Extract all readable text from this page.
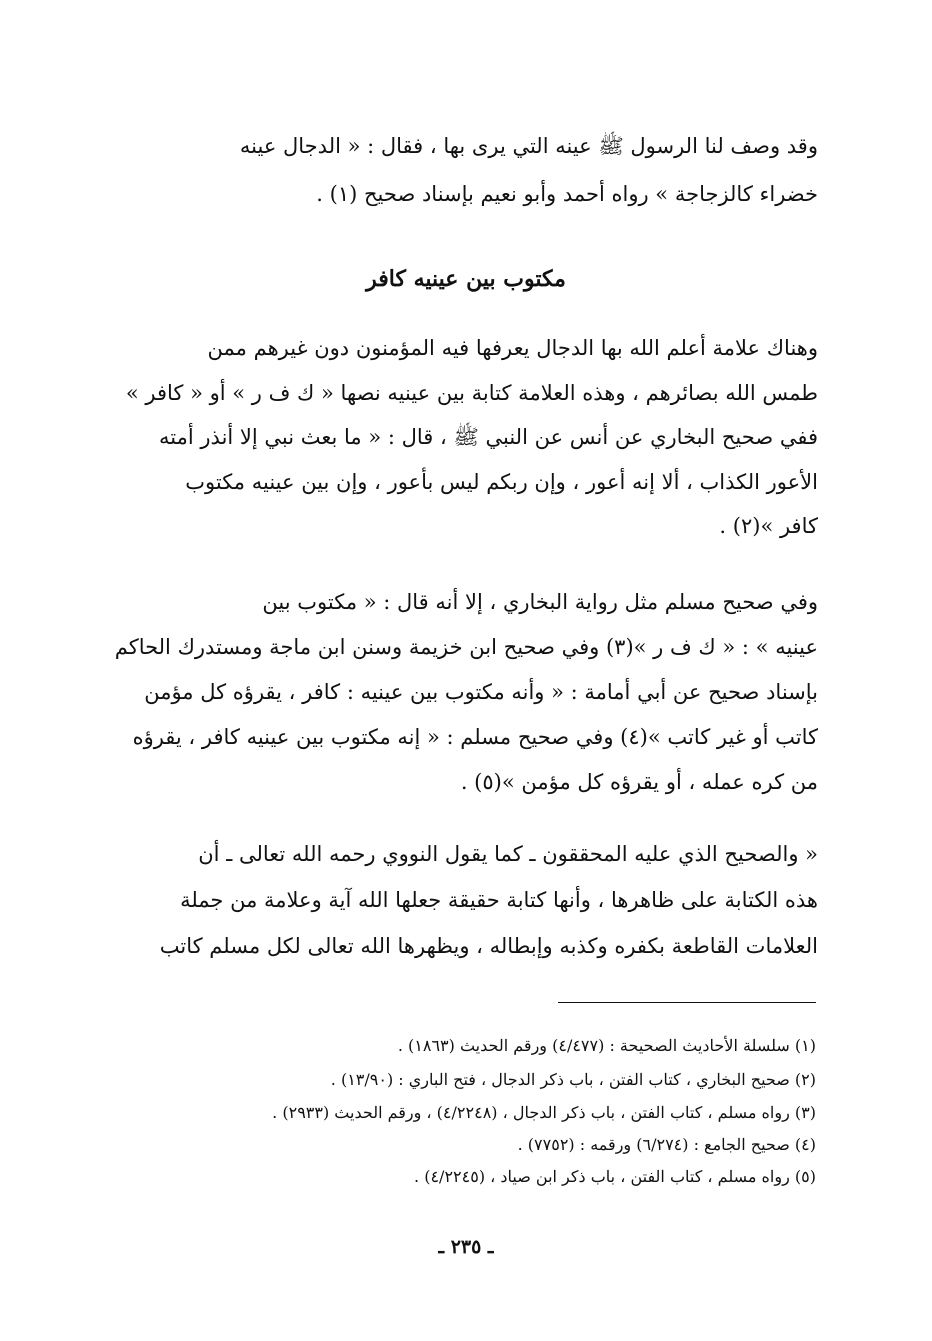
وقد وصف لنا الرسول ﷺ عينه التي يرى بها ، فقال : « الدجال عينه
خضراء كالزجاجة » رواه أحمد وأبو نعيم بإسناد صحيح (١) .
مكتوب بين عينيه كافر
وهناك علامة أعلم الله بها الدجال يعرفها فيه المؤمنون دون غيرهم ممن
طمس الله بصائرهم ، وهذه العلامة كتابة بين عينيه نصها « ك ف ر » أو « كافر »
ففي صحيح البخاري عن أنس عن النبي ﷺ ، قال : « ما بعث نبي إلا أنذر أمته
الأعور الكذاب ، ألا إنه أعور ، وإن ربكم ليس بأعور ، وإن بين عينيه مكتوب
كافر »(٢) .
وفي صحيح مسلم مثل رواية البخاري ، إلا أنه قال : « مكتوب بين
عينيه » : « ك ف ر »(٣) وفي صحيح ابن خزيمة وسنن ابن ماجة ومستدرك الحاكم
بإسناد صحيح عن أبي أمامة : « وأنه مكتوب بين عينيه : كافر ، يقرؤه كل مؤمن
كاتب أو غير كاتب »(٤) وفي صحيح مسلم : « إنه مكتوب بين عينيه كافر ، يقرؤه
من كره عمله ، أو يقرؤه كل مؤمن »(٥) .
« والصحيح الذي عليه المحققون ـ كما يقول النووي رحمه الله تعالى ـ أن
هذه الكتابة على ظاهرها ، وأنها كتابة حقيقة جعلها الله آية وعلامة من جملة
العلامات القاطعة بكفره وكذبه وإبطاله ، ويظهرها الله تعالى لكل مسلم كاتب
(١) سلسلة الأحاديث الصحيحة : (٤/٤٧٧) ورقم الحديث (١٨٦٣) .
(٢) صحيح البخاري ، كتاب الفتن ، باب ذكر الدجال ، فتح الباري : (١٣/٩٠) .
(٣) رواه مسلم ، كتاب الفتن ، باب ذكر الدجال ، (٤/٢٢٤٨) ، ورقم الحديث (٢٩٣٣) .
(٤) صحيح الجامع : (٦/٢٧٤) ورقمه : (٧٧٥٢) .
(٥) رواه مسلم ، كتاب الفتن ، باب ذكر ابن صياد ، (٤/٢٢٤٥) .
ـ ٢٣٥ ـ
